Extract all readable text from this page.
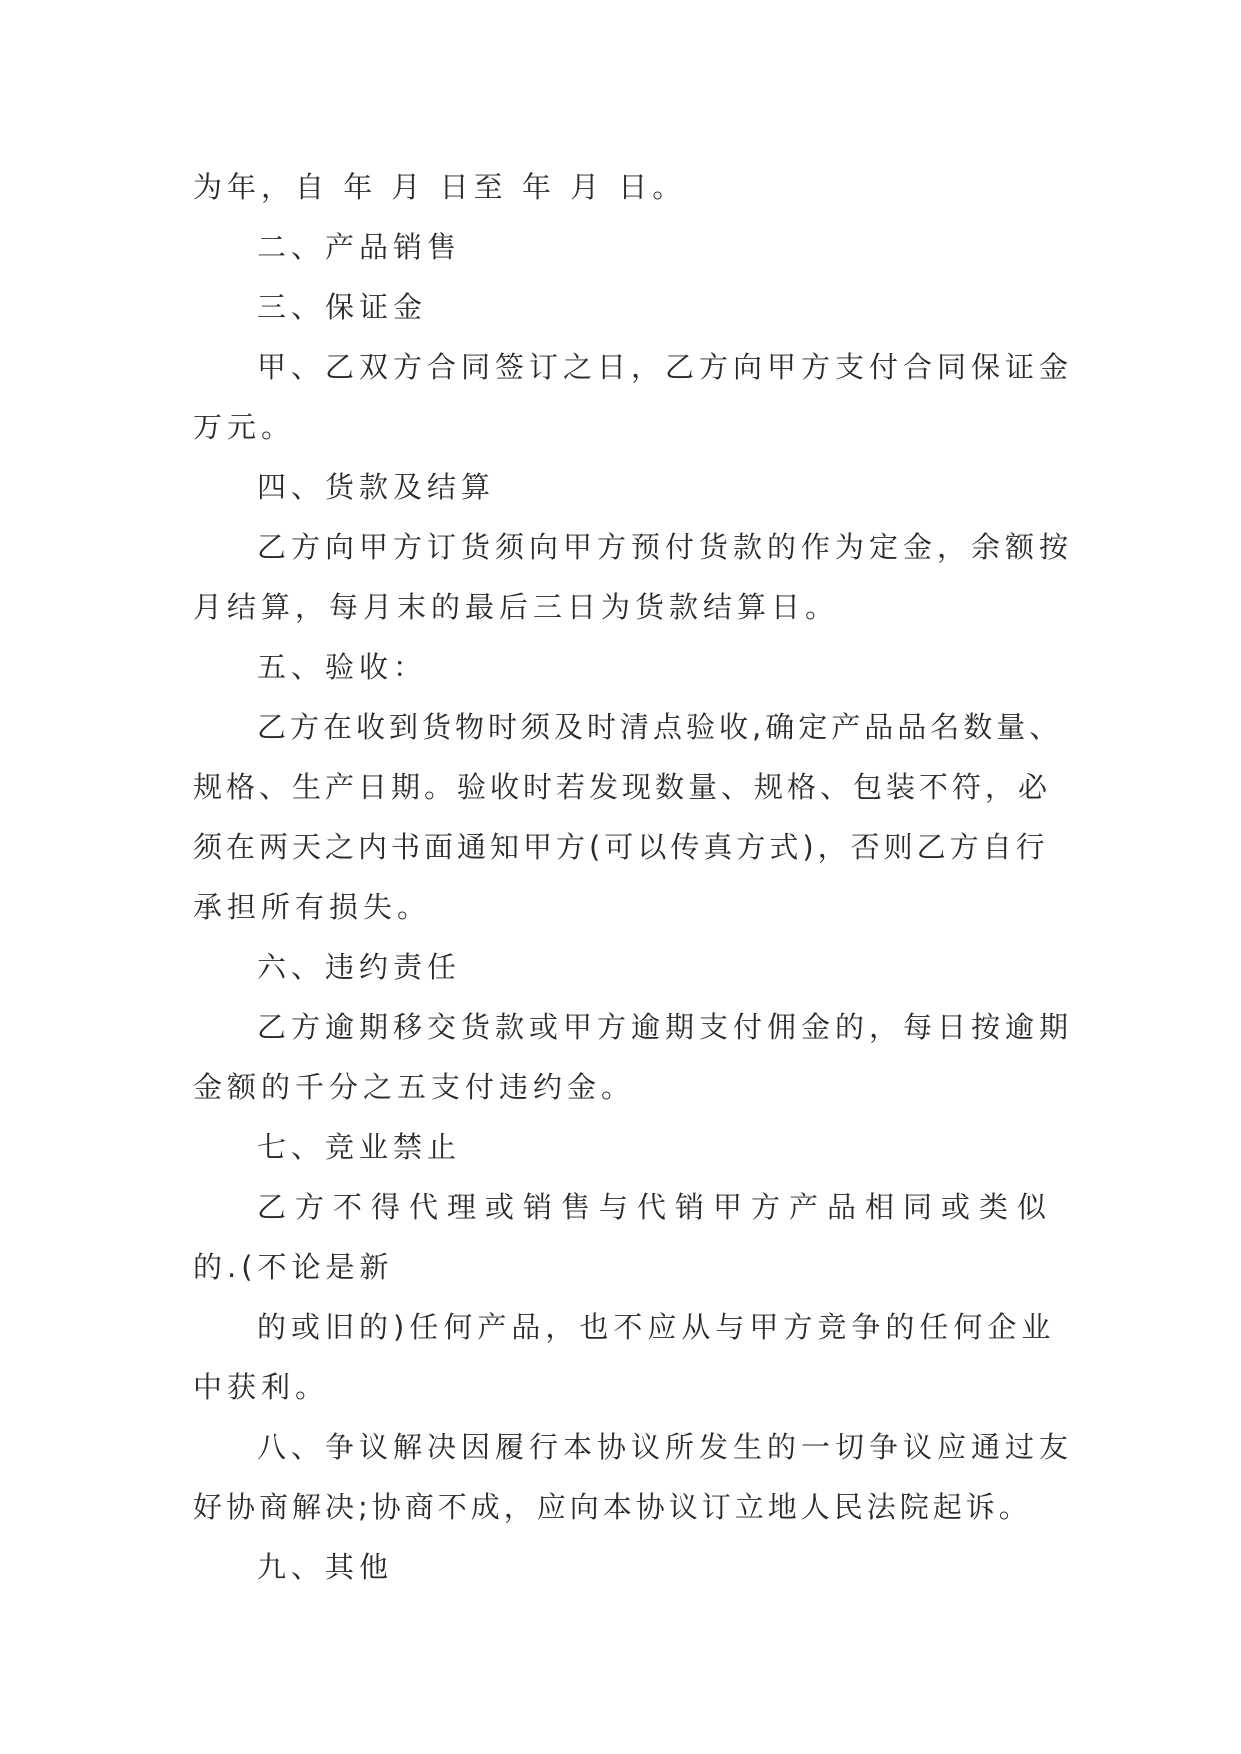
为年，自 年 月 日至 年 月 日。
二、产品销售
三、保证金
甲、乙双方合同签订之日，乙方向甲方支付合同保证金
万元。
四、货款及结算
乙方向甲方订货须向甲方预付货款的作为定金，余额按
月结算，每月末的最后三日为货款结算日。
五、验收：
乙方在收到货物时须及时清点验收,确定产品品名数量、
规格、生产日期。验收时若发现数量、规格、包装不符，必
须在两天之内书面通知甲方(可以传真方式)，否则乙方自行
承担所有损失。
六、违约责任
乙方逾期移交货款或甲方逾期支付佣金的，每日按逾期
金额的千分之五支付违约金。
七、竞业禁止
乙方不得代理或销售与代销甲方产品相同或类似
的.(不论是新
的或旧的)任何产品，也不应从与甲方竞争的任何企业
中获利。
八、争议解决因履行本协议所发生的一切争议应通过友
好协商解决;协商不成，应向本协议订立地人民法院起诉。
九、其他
